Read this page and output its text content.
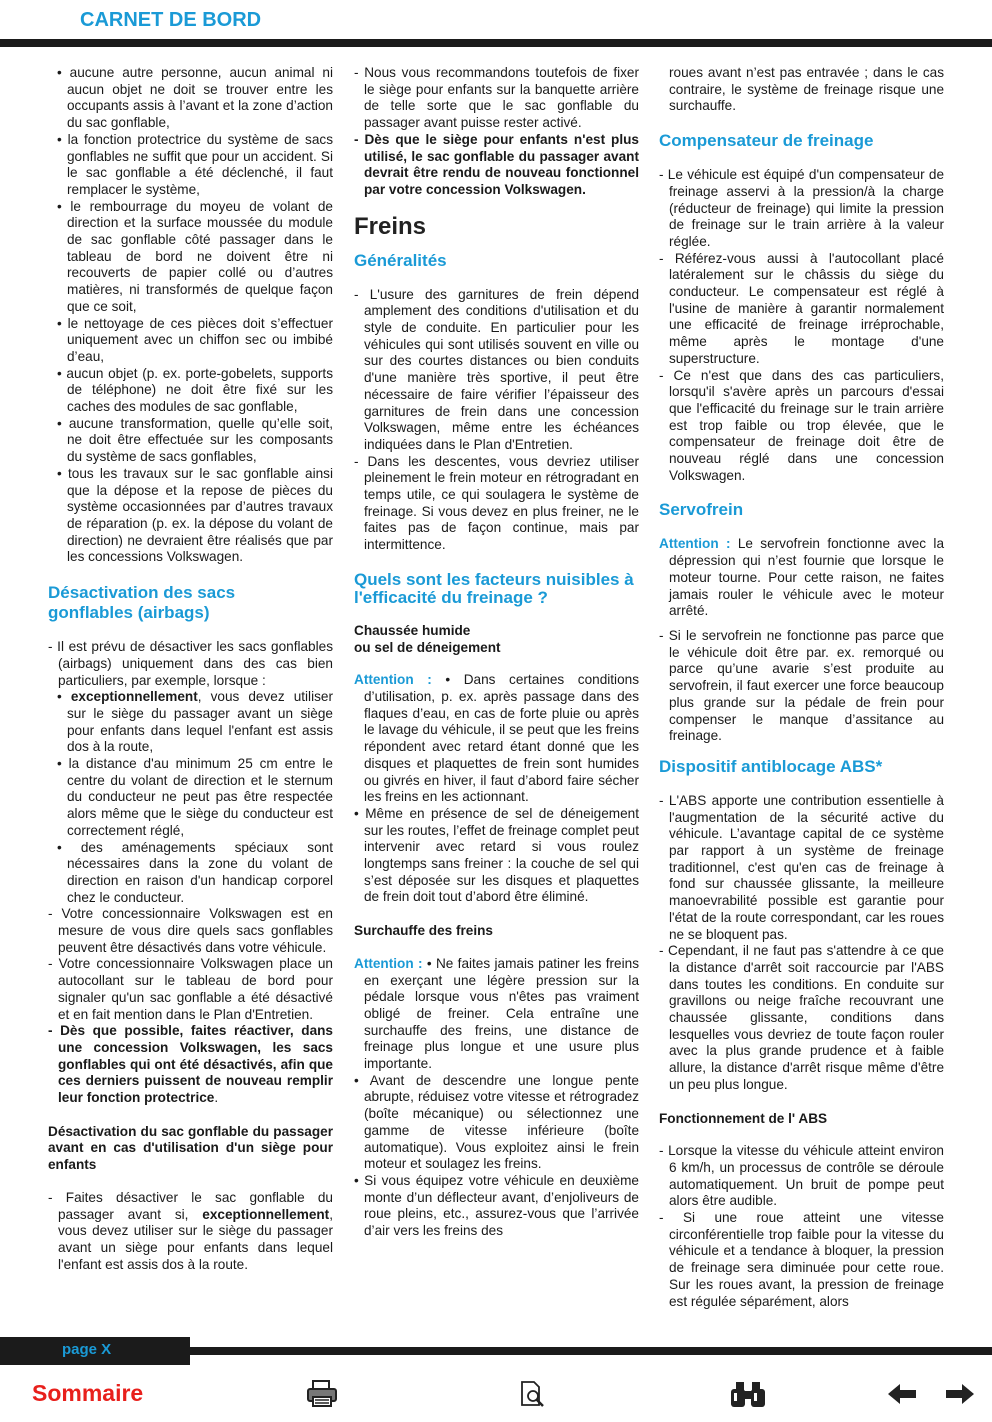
CARNET DE BORD

• aucune autre personne, aucun animal ni aucun objet ne doit se trouver entre les occupants assis à l’avant et la zone d’action du sac gonflable,

• la fonction protectrice du système de sacs gonflables ne suffit que pour un accident. Si le sac gonflable a été déclenché, il faut remplacer le système,

• le rembourrage du moyeu de volant de direction et la surface moussée du module de sac gonflable côté passager dans le tableau de bord ne doivent être ni recouverts de papier collé ou d’autres matières, ni transformés de quelque façon que ce soit,

• le nettoyage de ces pièces doit s’effectuer uniquement avec un chiffon sec ou imbibé d’eau,

• aucun objet (p. ex. porte-gobelets, supports de téléphone) ne doit être fixé sur les caches des modules de sac gonflable,

• aucune transformation, quelle qu’elle soit, ne doit être effectuée sur les composants du système de sacs gonflables,

• tous les travaux sur le sac gonflable ainsi que la dépose et la repose de pièces du système occasionnées par d’autres travaux de réparation (p. ex. la dépose du volant de direction) ne devraient être réalisés que par les concessions Volkswagen.

Désactivation des sacs gonflables (airbags)

- Il est prévu de désactiver les sacs gonflables (airbags) uniquement dans des cas bien particuliers, par exemple, lorsque :

• exceptionnellement, vous devez utiliser sur le siège du passager avant un siège pour enfants dans lequel l'enfant est assis dos à la route,

• la distance d'au minimum 25 cm entre le centre du volant de direction et le sternum du conducteur ne peut pas être respectée alors même que le siège du conducteur est correctement réglé,

• des aménagements spéciaux sont nécessaires dans la zone du volant de direction en raison d'un handicap corporel chez le conducteur.

- Votre concessionnaire Volkswagen est en mesure de vous dire quels sacs gonflables peuvent être désactivés dans votre véhicule.

- Votre concessionnaire Volkswagen place un autocollant sur le tableau de bord pour signaler qu'un sac gonflable a été désactivé et en fait mention dans le Plan d'Entretien.

- Dès que possible, faites réactiver, dans une concession Volkswagen, les sacs gonflables qui ont été désactivés, afin que ces derniers puissent de nouveau remplir leur fonction protectrice.

Désactivation du sac gonflable du passager avant en cas d'utilisation d'un siège pour enfants

- Faites désactiver le sac gonflable du passager avant si, exceptionnellement, vous devez utiliser sur le siège du passager avant un siège pour enfants dans lequel l'enfant est assis dos à la route.

- Nous vous recommandons toutefois de fixer le siège pour enfants sur la banquette arrière de telle sorte que le sac gonflable du passager avant puisse rester activé.

- Dès que le siège pour enfants n'est plus utilisé, le sac gonflable du passager avant devrait être rendu de nouveau fonctionnel par votre concession Volkswagen.

Freins

Généralités

- L'usure des garnitures de frein dépend amplement des conditions d'utilisation et du style de conduite. En particulier pour les véhicules qui sont utilisés souvent en ville ou sur des courtes distances ou bien conduits d'une manière très sportive, il peut être nécessaire de faire vérifier l’épaisseur des garnitures de frein dans une concession Volkswagen, même entre les échéances indiquées dans le Plan d'Entretien.

- Dans les descentes, vous devriez utiliser pleinement le frein moteur en rétrogradant en temps utile, ce qui soulagera le système de freinage. Si vous devez en plus freiner, ne le faites pas de façon continue, mais par intermittence.

Quels sont les facteurs nuisibles à l'efficacité du freinage ?

Chaussée humide
ou sel de déneigement

Attention : • Dans certaines conditions d’utilisation, p. ex. après passage dans des flaques d’eau, en cas de forte pluie ou après le lavage du véhicule, il se peut que les freins répondent avec retard étant donné que les disques et plaquettes de frein sont humides ou givrés en hiver, il faut d’abord faire sécher les freins en les actionnant.

• Même en présence de sel de déneigement sur les routes, l’effet de freinage complet peut intervenir avec retard si vous roulez longtemps sans freiner : la couche de sel qui s’est déposée sur les disques et plaquettes de frein doit tout d’abord être éliminé.

Surchauffe des freins

Attention : • Ne faites jamais patiner les freins en exerçant une légère pression sur la pédale lorsque vous n'êtes pas vraiment obligé de freiner. Cela entraîne une surchauffe des freins, une distance de freinage plus longue et une usure plus importante.

• Avant de descendre une longue pente abrupte, réduisez votre vitesse et rétrogradez (boîte mécanique) ou sélectionnez une gamme de vitesse inférieure (boîte automatique). Vous exploitez ainsi le frein moteur et soulagez les freins.

• Si vous équipez votre véhicule en deuxième monte d’un déflecteur avant, d’enjoliveurs de roue pleins, etc., assurez-vous que l’arrivée d’air vers les freins des

roues avant n’est pas entravée ; dans le cas contraire, le système de freinage risque une surchauffe.

Compensateur de freinage

- Le véhicule est équipé d'un compensateur de freinage asservi à la pression/à la charge (réducteur de freinage) qui limite la pression de freinage sur le train arrière à la valeur réglée.

- Référez-vous aussi à l'autocollant placé latéralement sur le châssis du siège du conducteur. Le compensateur est réglé à l'usine de manière à garantir normalement une efficacité de freinage irréprochable, même après le montage d'une superstructure.

- Ce n'est que dans des cas particuliers, lorsqu'il s'avère après un parcours d'essai que l'efficacité du freinage sur le train arrière est trop faible ou trop élevée, que le compensateur de freinage doit être de nouveau réglé dans une concession Volkswagen.

Servofrein

Attention : Le servofrein fonctionne avec la dépression qui n’est fournie que lorsque le moteur tourne. Pour cette raison, ne faites jamais rouler le véhicule avec le moteur arrêté.

- Si le servofrein ne fonctionne pas parce que le véhicule doit être par. ex. remorqué ou parce qu’une avarie s’est produite au servofrein, il faut exercer une force beaucoup plus grande sur la pédale de frein pour compenser le manque d’assitance au freinage.

Dispositif antiblocage ABS*

- L'ABS apporte une contribution essentielle à l'augmentation de la sécurité active du véhicule. L’avantage capital de ce système par rapport à un système de freinage traditionnel, c'est qu'en cas de freinage à fond sur chaussée glissante, la meilleure manoevrabilité possible est garantie pour l'état de la route correspondant, car les roues ne se bloquent pas.

- Cependant, il ne faut pas s'attendre à ce que la distance d'arrêt soit raccourcie par l'ABS dans toutes les conditions. En conduite sur gravillons ou neige fraîche recouvrant une chaussée glissante, conditions dans lesquelles vous devriez de toute façon rouler avec la plus grande prudence et à faible allure, la distance d'arrêt risque même d'être un peu plus longue.

Fonctionnement de l' ABS

- Lorsque la vitesse du véhicule atteint environ 6 km/h, un processus de contrôle se déroule automatiquement. Un bruit de pompe peut alors être audible.

- Si une roue atteint une vitesse circonférentielle trop faible pour la vitesse du véhicule et a tendance à bloquer, la pression de freinage sera diminuée pour cette roue. Sur les roues avant, la pression de freinage est régulée séparément, alors

page X
Sommaire
